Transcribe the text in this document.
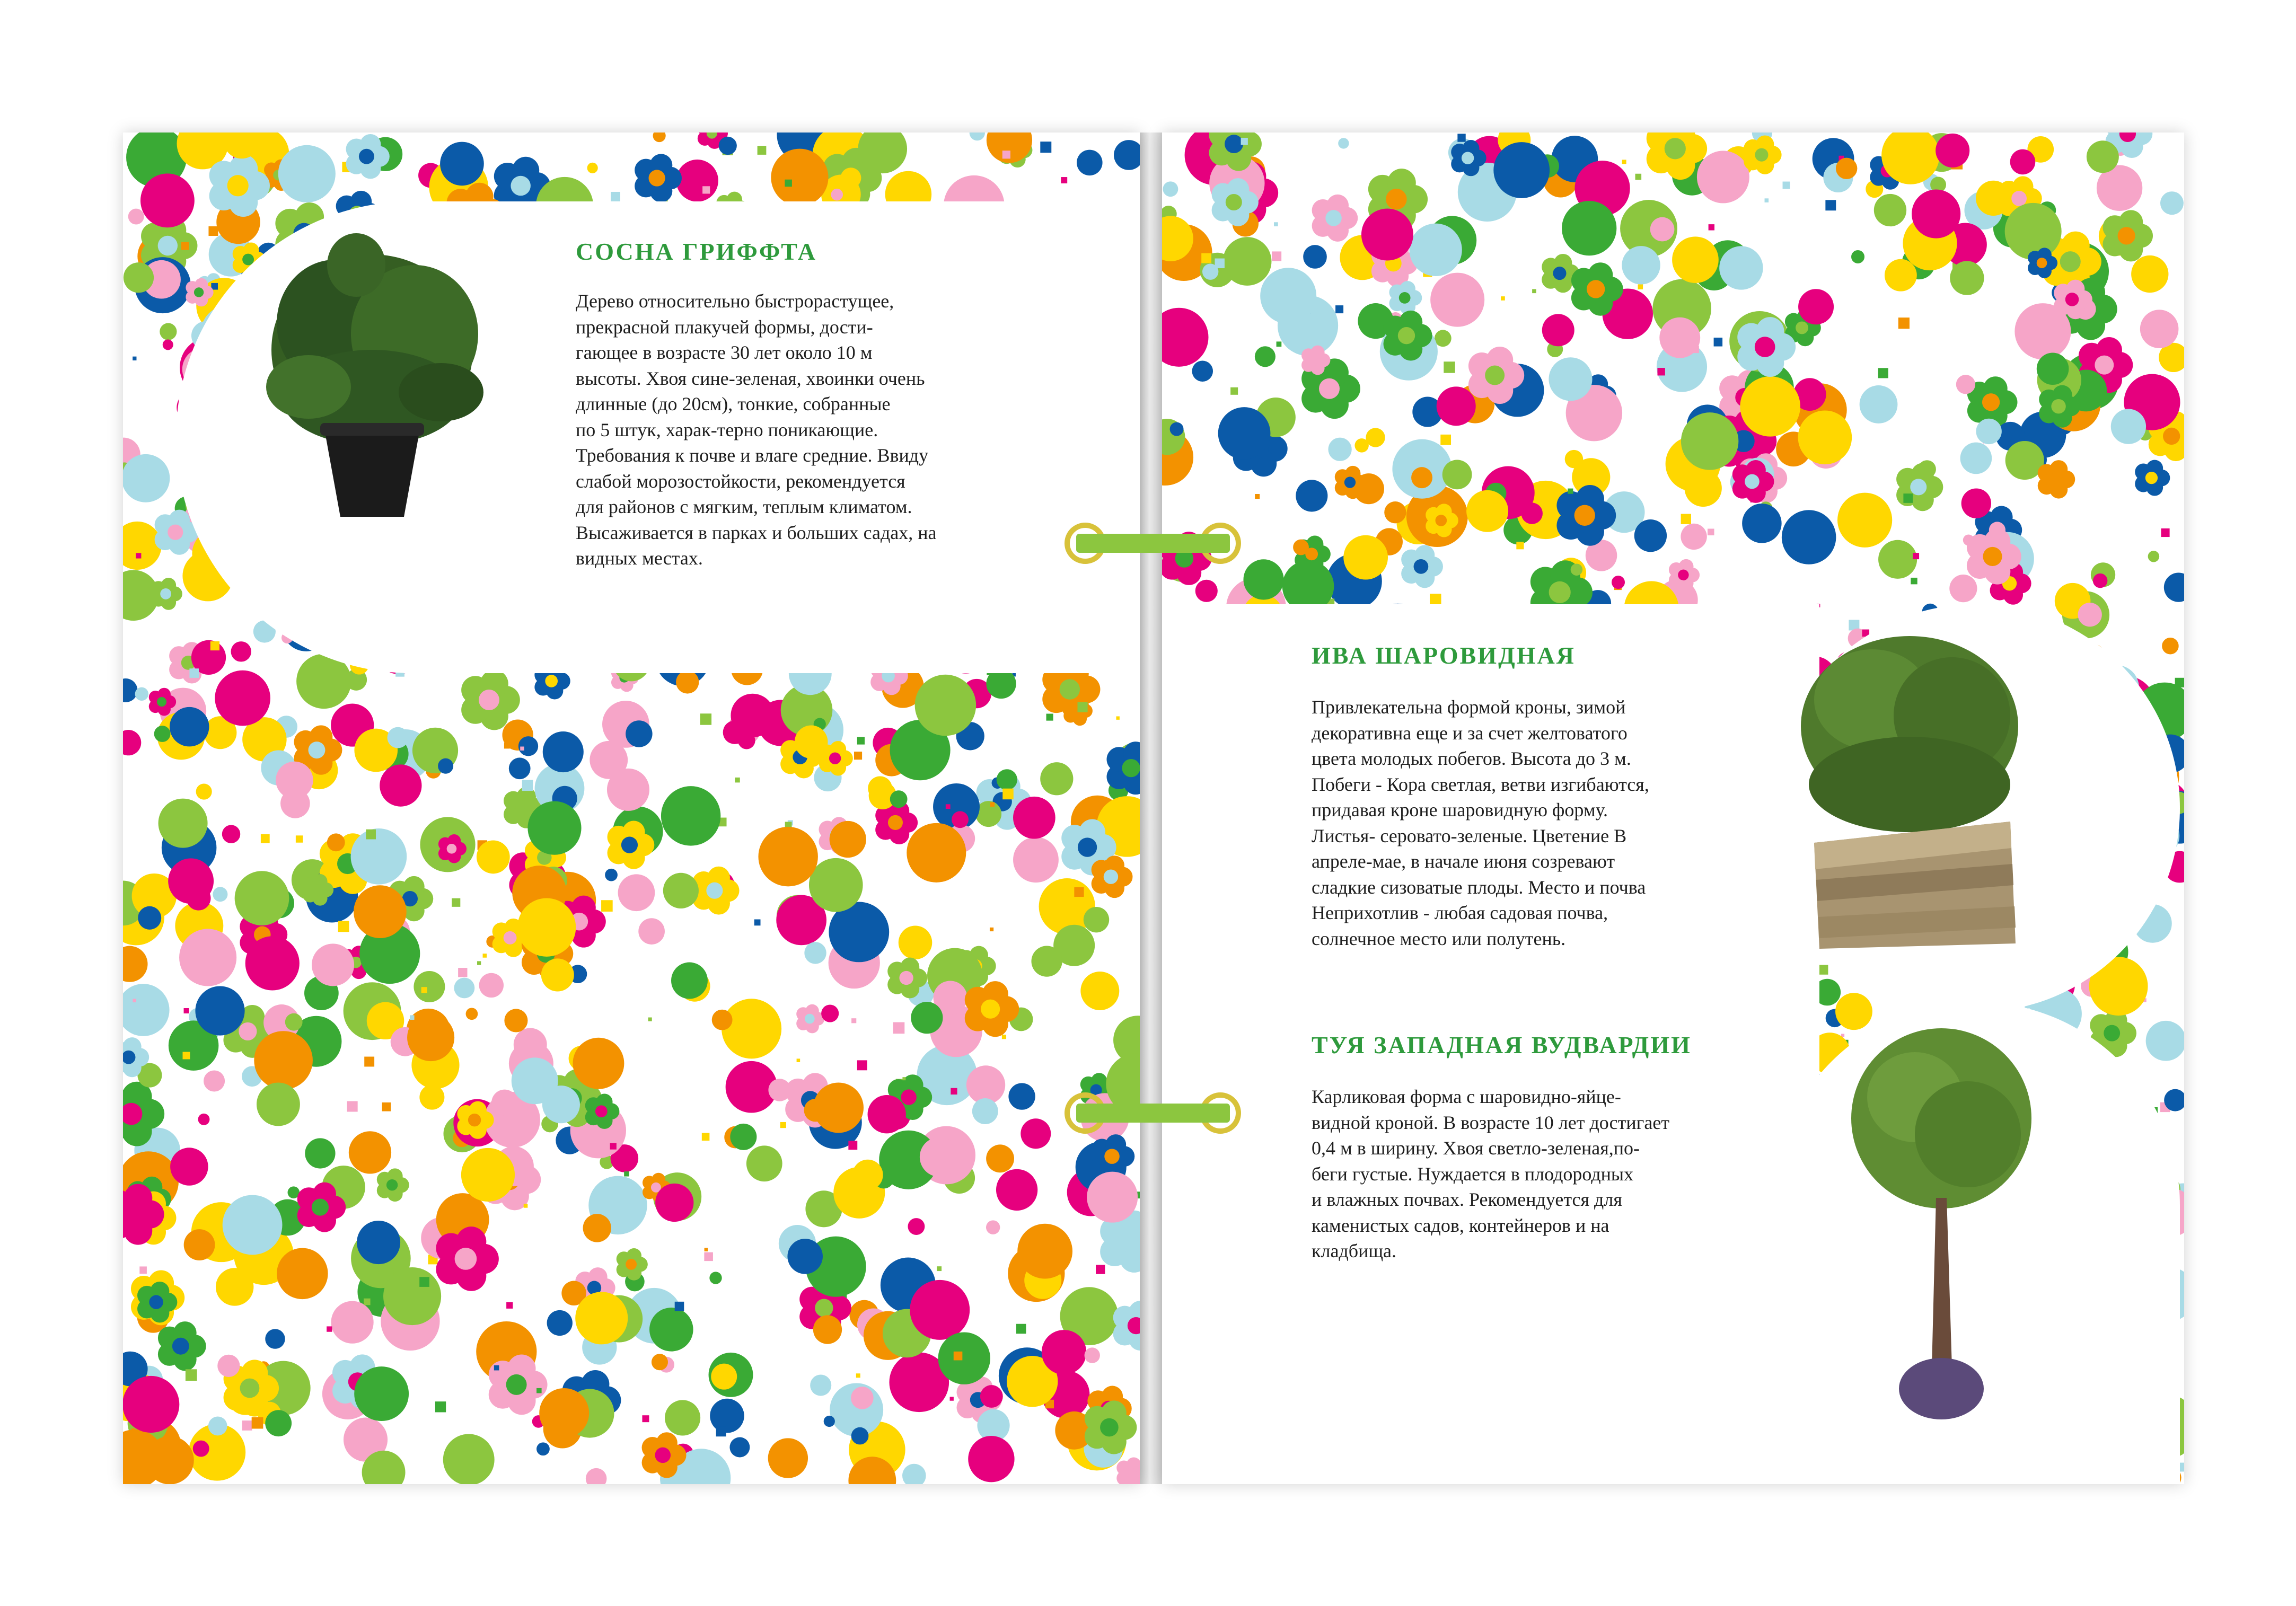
СОСНА ГРИФФТА
Дерево относительно быстрорастущее,
прекрасной плакучей формы, дости-
гающее в возрасте 30 лет около 10 м
высоты. Хвоя сине-зеленая, хвоинки очень
длинные (до 20см), тонкие, собранные
по 5 штук, харак-терно поникающие.
Требования к почве и влаге средние. Ввиду
слабой морозостойкости, рекомендуется
для районов с мягким, теплым климатом.
Высаживается в парках и больших садах, на
видных местах.
ИВА ШАРОВИДНАЯ
Привлекательна формой кроны, зимой
декоративна еще и за счет желтоватого
цвета молодых побегов. Высота до 3 м.
Побеги - Кора светлая, ветви изгибаются,
придавая кроне шаровидную форму.
Листья- серовато-зеленые. Цветение В
апреле-мае, в начале июня созревают
сладкие сизоватые плоды. Место и почва
Неприхотлив - любая садовая почва,
солнечное место или полутень.
ТУЯ ЗАПАДНАЯ ВУДВАРДИИ
Карликовая форма с шаровидно-яйце-
видной кроной. В возрасте 10 лет достигает
0,4 м в ширину. Хвоя светло-зеленая,по-
беги густые. Нуждается в плодородных
и влажных почвах. Рекомендуется для
каменистых садов, контейнеров и на
кладбища.
